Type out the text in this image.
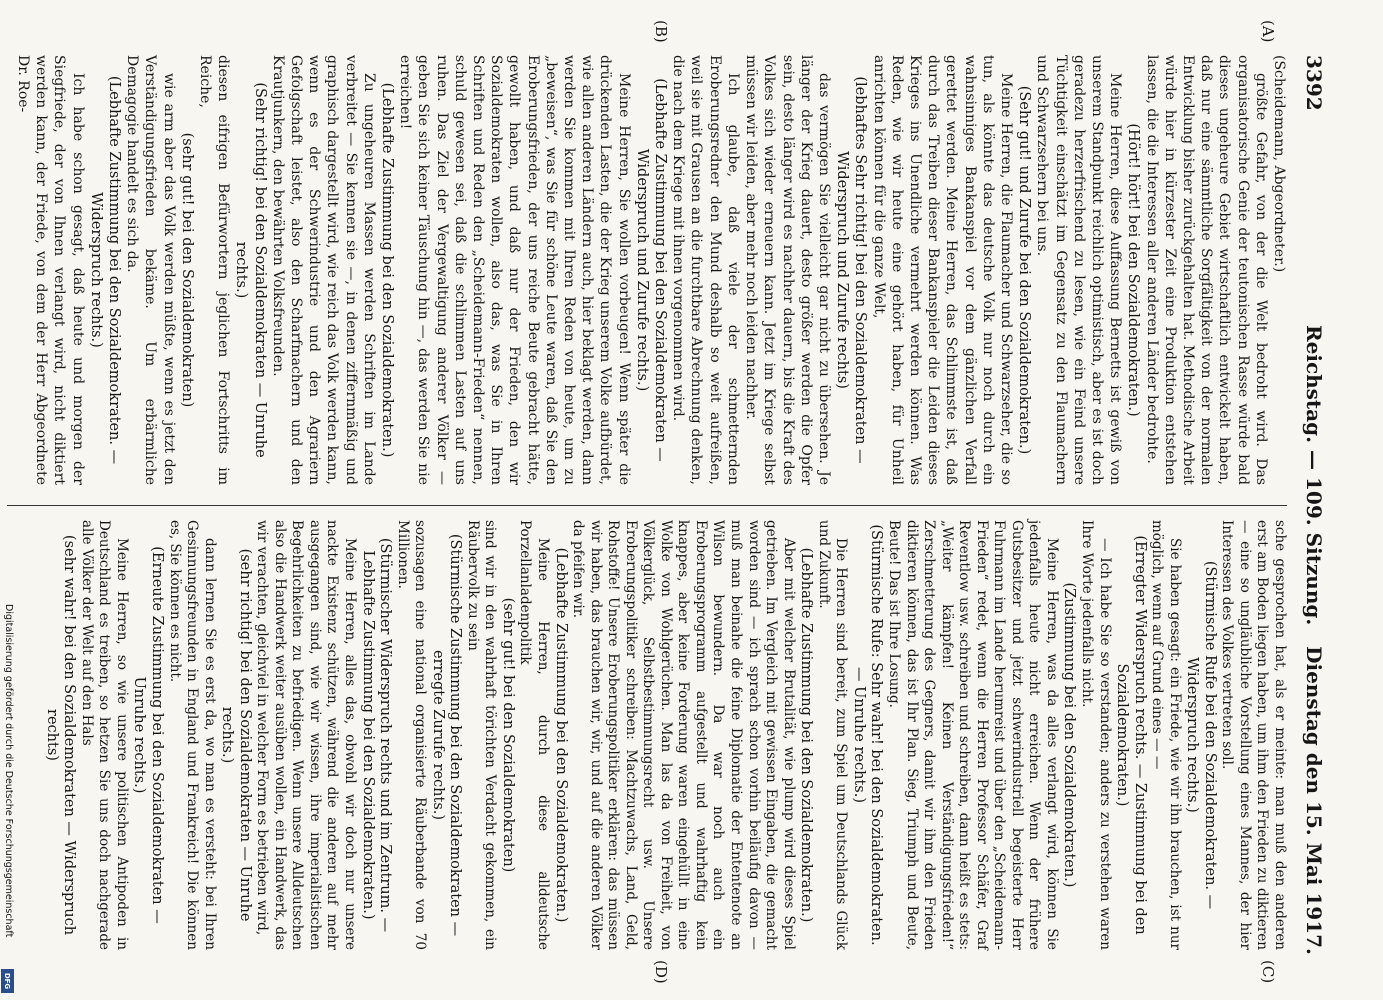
3392
Reichstag. — 109. Sitzung.
Dienstag den 15. Mai 1917.
(A)
(B)
(C)
(D)

(Scheidemann, Abgeordneter.)

größte Gefahr, von der die Welt bedroht wird. Das organisatorische Genie der teutonischen Rasse würde bald dieses ungeheure Gebiet wirtschaftlich entwickelt haben, daß nur eine sämmtliche Sorgfältigkeit von der normalen Entwicklung bisher zurückgehalten hat. Methodische Arbeit würde hier in kürzester Zeit eine Produktion entstehen lassen, die die Interessen aller anderen Länder bedrohte.

(Hört! hört! bei den Sozialdemokraten.)

Meine Herren, diese Auffassung Bernetts ist gewiß von unserem Standpunkt reichlich optimistisch, aber es ist doch geradezu herzerfrischend zu lesen, wie ein Feind unsere Tüchtigkeit einschätzt im Gegensatz zu den Flaumachern und Schwarzsehern bei uns.

(Sehr gut! und Zurufe bei den Sozialdemokraten.)

Meine Herren, die Flaumacher und Schwarzseher, die so tun, als könnte das deutsche Volk nur noch durch ein wahnsinniges Bankanspiel vor dem gänzlichen Verfall gerettet werden. Meine Herren, das Schlimmste ist, daß durch das Treiben dieser Bankanspieler die Leiden dieses Krieges ins Unendliche vermehrt werden können. Was Reden, wie wir heute eine gehört haben, für Unheil anrichten können für die ganze Welt,

(lebhaftes Sehr richtig! bei den Sozialdemokraten — Widerspruch und Zurufe rechts)

das vermögen Sie vielleicht gar nicht zu übersehen. Je länger der Krieg dauert, desto größer werden die Opfer sein, desto länger wird es nachher dauern, bis die Kraft des Volkes sich wieder erneuern kann. Jetzt im Kriege selbst müssen wir leiden, aber mehr noch leiden nachher.

Ich glaube, daß viele der schmetternden Eroberungsredner den Mund deshalb so weit aufreißen, weil sie mit Grausen an die furchtbare Abrechnung denken, die nach dem Kriege mit ihnen vorgenommen wird.

(Lebhafte Zustimmung bei den Sozialdemokraten — Widerspruch und Zurufe rechts.)

Meine Herren, Sie wollen vorbeugen! Wenn später die drückenden Lasten, die der Krieg unserem Volke aufbürdet, wie allen anderen Ländern auch, hier beklagt werden, dann werden Sie kommen mit Ihren Reden von heute, um zu „beweisen“, was Sie für schöne Leute waren, daß Sie den Eroberungsfrieden, der uns reiche Beute gebracht hätte, gewollt haben, und daß nur der Frieden, den wir Sozialdemokraten wollen, also das, was Sie in Ihren Schriften und Reden den „Scheidemann-Frieden“ nennen, schuld gewesen sei, daß die schlimmen Lasten auf uns ruhen. Das Ziel der Vergewaltigung anderer Völker — geben Sie sich keiner Täuschung hin —, das werden Sie nie erreichen!

(Lebhafte Zustimmung bei den Sozialdemokraten.)

Zu ungeheuren Massen werden Schriften im Lande verbreitet — Sie kennen sie —, in denen ziffernmäßig und graphisch dargestellt wird, wie reich das Volk werden kann, wenn es der Schwerindustrie und den Agrariern Gefolgschaft leistet, also den Scharfmachern und den Krautjunkern, den bewährten Volksfreunden.

(Sehr richtig! bei den Sozialdemokraten — Unruhe rechts.)

diesen eifrigen Befürwortern jeglichen Fortschritts im Reiche,

(sehr gut! bei den Sozialdemokraten)

wie arm aber das Volk werden müßte, wenn es jetzt den Verständigungsfrieden bekäme. Um erbärmliche Demagogie handelt es sich da.

(Lebhafte Zustimmung bei den Sozialdemokraten. — Widerspruch rechts.)

Ich habe schon gesagt, daß heute und morgen der Siegfriede, der von Ihnen verlangt wird, nicht diktiert werden kann, der Friede, von dem der Herr Abgeordnete Dr. Roe-

sche gesprochen hat, als er meinte: man muß den anderen erst am Boden liegen haben, um ihm den Frieden zu diktieren — eine so ungläubliche Vorstellung eines Mannes, der hier Interessen des Volkes vertreten soll.

(Stürmische Rufe bei den Sozialdemokraten. — Widerspruch rechts.)

Sie haben gesagt: ein Friede, wie wir ihn brauchen, ist nur möglich, wenn auf Grund eines — —

(Erregter Widerspruch rechts. — Zustimmung bei den Sozialdemokraten.)

— Ich habe Sie so verstanden; anders zu verstehen waren Ihre Worte jedenfalls nicht.

(Zustimmung bei den Sozialdemokraten.)

Meine Herren, was da alles verlangt wird, können Sie jedenfalls heute nicht erreichen. Wenn der frühere Gutsbesitzer und jetzt schwerindustriell begeisterte Herr Fuhrmann im Lande herumreist und über den „Scheidemann-Frieden“ redet, wenn die Herren Professor Schäfer, Graf Reventlow usw. schreiben und schreiben, dann heißt es stets: „Weiter kämpfen! Keinen Verständigungsfrieden!“ Zerschmetterung des Gegners, damit wir ihm den Frieden diktieren können, das ist Ihr Plan. Sieg, Triumph und Beute, Beute! Das ist Ihre Losung.

(Stürmische Rufe: Sehr wahr! bei den Sozialdemokraten. — Unruhe rechts.)

Die Herren sind bereit, zum Spiel um Deutschlands Glück und Zukunft.

(Lebhafte Zustimmung bei den Sozialdemokraten.)

Aber mit welcher Brutalität, wie plump wird dieses Spiel getrieben. Im Vergleich mit gewissen Eingaben, die gemacht worden sind — ich sprach schon vorhin beiläufig davon — muß man beinahe die feine Diplomatie der Ententenote an Wilson bewundern. Da war noch auch ein Eroberungsprogramm aufgestellt und wahrhaftig kein knappes, aber keine Forderung waren eingehüllt in eine Wolke von Wohlgerüchen. Man las da von Freiheit, von Völkerglück, Selbstbestimmungsrecht usw. Unsere Eroberungspolitiker schreiben: Machtzuwachs, Land, Geld, Rohstoffe! Unsere Eroberungspolitiker erklären: das müssen wir haben, das brauchen wir, wir, und auf die anderen Völker da pfeifen wir.

(Lebhafte Zustimmung bei den Sozialdemokraten.)

Meine Herren, durch diese alldeutsche Porzellanladenpolitik

(sehr gut! bei den Sozialdemokraten)

sind wir in den wahrhaft törichten Verdacht gekommen, ein Räubervolk zu sein

(Stürmische Zustimmung bei den Sozialdemokraten — erregte Zurufe rechts.)

sozusagen eine national organisierte Räuberbande von 70 Millionen.

(Stürmischer Widerspruch rechts und im Zentrum. — Lebhafte Zustimmung bei den Sozialdemokraten.)

Meine Herren, alles das, obwohl wir doch nur unsere nackte Existenz schützen, während die anderen auf mehr ausgegangen sind, wie wir wissen, ihre imperialistischen Begehrlichkeiten zu befriedigen. Wenn unsere Alldeutschen also die Handwerk weiter ausüben wollen, ein Handwerk, das wir verachten, gleichviel in welcher Form es betrieben wird,

(sehr richtig! bei den Sozialdemokraten — Unruhe rechts.)

dann lernen Sie es erst da, wo man es versteht: bei Ihren Gesinnungsfreunden in England und Frankreich! Die können es, Sie können es nicht.

(Erneute Zustimmung bei den Sozialdemokraten — Unruhe rechts.)

Meine Herren, so wie unsere politischen Antipoden in Deutschland es treiben, so hetzen Sie uns doch nachgerade alle Völker der Welt auf den Hals

(sehr wahr! bei den Sozialdemokraten — Widerspruch rechts)

Digitalisierung gefördert durch die Deutsche Forschungsgemeinschaft
DFG
